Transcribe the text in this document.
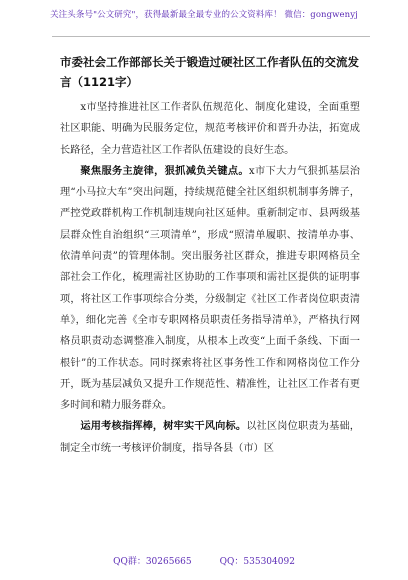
关注头条号"公文研究"，获得最新最全最专业的公文资料库！ 微信：gongwenyj
市委社会工作部部长关于锻造过硬社区工作者队伍的交流发言（1121字）

x市坚持推进社区工作者队伍规范化、制度化建设，全面重塑社区职能、明确为民服务定位，规范考核评价和晋升办法，拓宽成长路径，全力营造社区工作者队伍建设的良好生态。

聚焦服务主旋律，狠抓减负关键点。x市下大力气狠抓基层治理“小马拉大车”突出问题，持续规范健全社区组织机制事务牌子，严控党政群机构工作机制违规向社区延伸。重新制定市、县两级基层群众性自治组织“三项清单”，形成“照清单履职、按清单办事、依清单问责”的管理体制。突出服务社区群众，推进专职网格员全部社会工作化，梳理需社区协助的工作事项和需社区提供的证明事项，将社区工作事项综合分类，分级制定《社区工作者岗位职责清单》，细化完善《全市专职网格员职责任务指导清单》，严格执行网格员职责动态调整准入制度，从根本上改变“上面千条线、下面一根针”的工作状态。同时探索将社区事务性工作和网格岗位工作分开，既为基层减负又提升工作规范性、精准性，让社区工作者有更多时间和精力服务群众。

运用考核指挥棒，树牢实干风向标。以社区岗位职责为基础，制定全市统一考核评价制度，指导各县（市）区

QQ群：30265665	QQ：535304092
